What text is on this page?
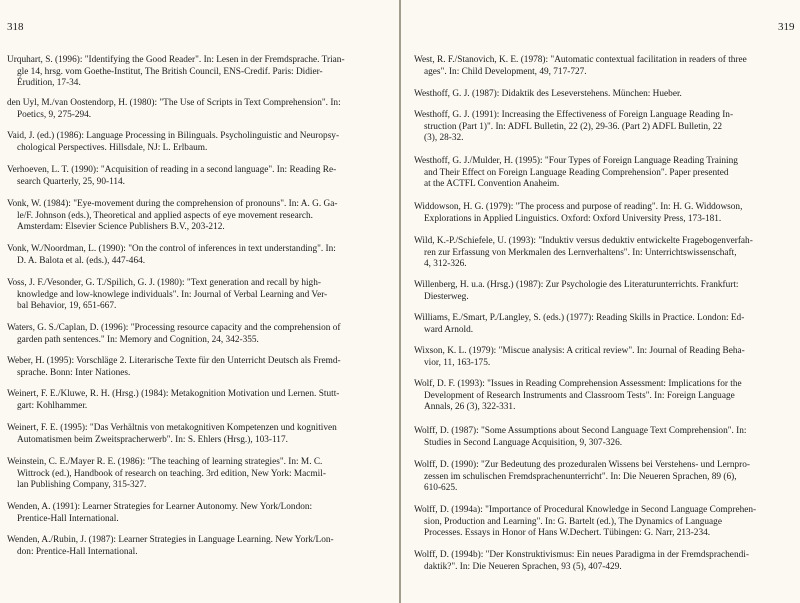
318
Urquhart, S. (1996): "Identifying the Good Reader". In: Lesen in der Fremdsprache. Trian-
gle 14, hrsg. vom Goethe-Institut, The British Council, ENS-Credif. Paris: Didier-
Érudition, 17-34.
den Uyl, M./van Oostendorp, H. (1980): "The Use of Scripts in Text Comprehension". In:
Poetics, 9, 275-294.
Vaid, J. (ed.) (1986): Language Processing in Bilinguals. Psycholinguistic and Neuropsy-
chological Perspectives. Hillsdale, NJ: L. Erlbaum.
Verhoeven, L. T. (1990): "Acquisition of reading in a second language". In: Reading Re-
search Quarterly, 25, 90-114.
Vonk, W. (1984): "Eye-movement during the comprehension of pronouns". In: A. G. Ga-
le/F. Johnson (eds.), Theoretical and applied aspects of eye movement research.
Amsterdam: Elsevier Science Publishers B.V., 203-212.
Vonk, W./Noordman, L. (1990): "On the control of inferences in text understanding". In:
D. A. Balota et al. (eds.), 447-464.
Voss, J. F./Vesonder, G. T./Spilich, G. J. (1980): "Text generation and recall by high-
knowledge and low-knowlege individuals". In: Journal of Verbal Learning and Ver-
bal Behavior, 19, 651-667.
Waters, G. S./Caplan, D. (1996): "Processing resource capacity and the comprehension of
garden path sentences." In: Memory and Cognition, 24, 342-355.
Weber, H. (1995): Vorschläge 2. Literarische Texte für den Unterricht Deutsch als Fremd-
sprache. Bonn: Inter Nationes.
Weinert, F. E./Kluwe, R. H. (Hrsg.) (1984): Metakognition Motivation und Lernen. Stutt-
gart: Kohlhammer.
Weinert, F. E. (1995): "Das Verhältnis von metakognitiven Kompetenzen und kognitiven
Automatismen beim Zweitspracherwerb". In: S. Ehlers (Hrsg.), 103-117.
Weinstein, C. E./Mayer R. E. (1986): "The teaching of learning strategies". In: M. C.
Wittrock (ed.), Handbook of research on teaching. 3rd edition, New York: Macmil-
lan Publishing Company, 315-327.
Wenden, A. (1991): Learner Strategies for Learner Autonomy. New York/London:
Prentice-Hall International.
Wenden, A./Rubin, J. (1987): Learner Strategies in Language Learning. New York/Lon-
don: Prentice-Hall International.
319
West, R. F./Stanovich, K. E. (1978): "Automatic contextual facilitation in readers of three
ages". In: Child Development, 49, 717-727.
Westhoff, G. J. (1987): Didaktik des Leseverstehens. München: Hueber.
Westhoff, G. J. (1991): Increasing the Effectiveness of Foreign Language Reading In-
struction (Part 1)". In: ADFL Bulletin, 22 (2), 29-36. (Part 2) ADFL Bulletin, 22
(3), 28-32.
Westhoff, G. J./Mulder, H. (1995): "Four Types of Foreign Language Reading Training
and Their Effect on Foreign Language Reading Comprehension". Paper presented
at the ACTFL Convention Anaheim.
Widdowson, H. G. (1979): "The process and purpose of reading". In: H. G. Widdowson,
Explorations in Applied Linguistics. Oxford: Oxford University Press, 173-181.
Wild, K.-P./Schiefele, U. (1993): "Induktiv versus deduktiv entwickelte Fragebogenverfah-
ren zur Erfassung von Merkmalen des Lernverhaltens". In: Unterrichtswissenschaft,
4, 312-326.
Willenberg, H. u.a. (Hrsg.) (1987): Zur Psychologie des Literaturunterrichts. Frankfurt:
Diesterweg.
Williams, E./Smart, P./Langley, S. (eds.) (1977): Reading Skills in Practice. London: Ed-
ward Arnold.
Wixson, K. L. (1979): "Miscue analysis: A critical review". In: Journal of Reading Beha-
vior, 11, 163-175.
Wolf, D. F. (1993): "Issues in Reading Comprehension Assessment: Implications for the
Development of Research Instruments and Classroom Tests". In: Foreign Language
Annals, 26 (3), 322-331.
Wolff, D. (1987): "Some Assumptions about Second Language Text Comprehension". In:
Studies in Second Language Acquisition, 9, 307-326.
Wolff, D. (1990): "Zur Bedeutung des prozeduralen Wissens bei Verstehens- und Lernpro-
zessen im schulischen Fremdsprachenunterricht". In: Die Neueren Sprachen, 89 (6),
610-625.
Wolff, D. (1994a): "Importance of Procedural Knowledge in Second Language Comprehen-
sion, Production and Learning". In: G. Bartelt (ed.), The Dynamics of Language
Processes. Essays in Honor of Hans W.Dechert. Tübingen: G. Narr, 213-234.
Wolff, D. (1994b): "Der Konstruktivismus: Ein neues Paradigma in der Fremdsprachendi-
daktik?". In: Die Neueren Sprachen, 93 (5), 407-429.
